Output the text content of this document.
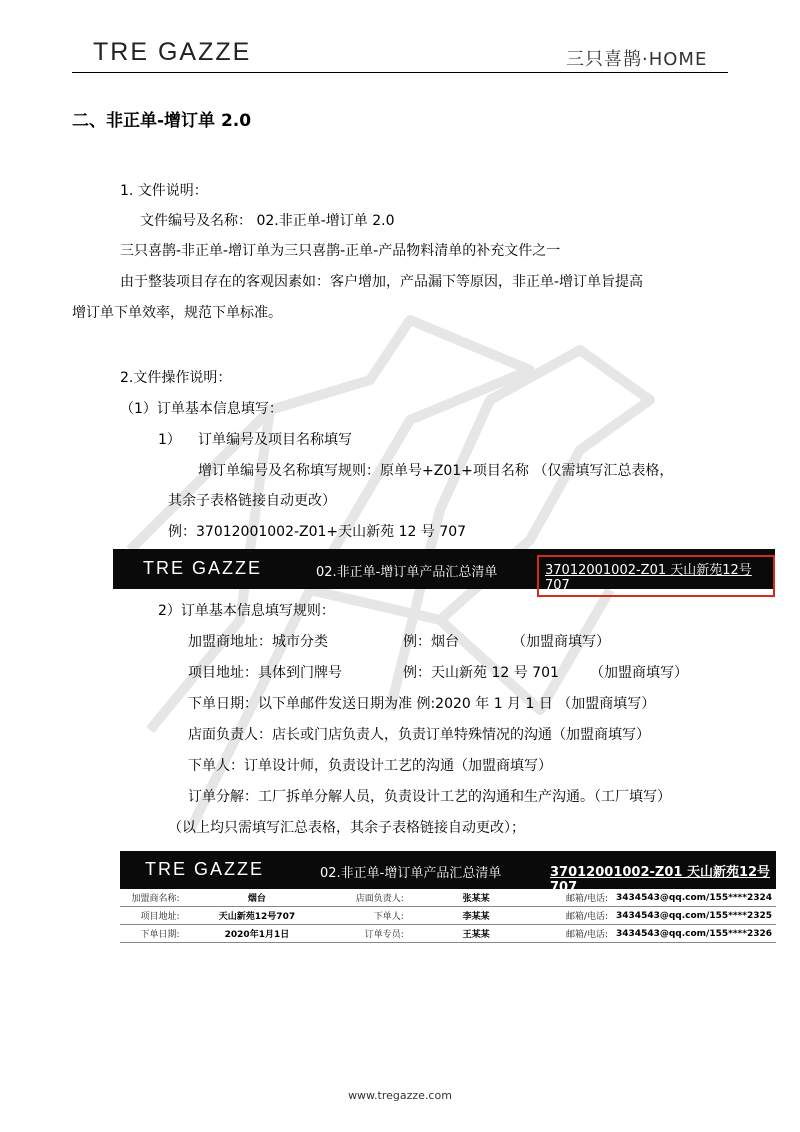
TRE GAZZE	三只喜鹊·HOME
二、非正单-增订单 2.0
1. 文件说明：
文件编号及名称： 02.非正单-增订单 2.0
三只喜鹊-非正单-增订单为三只喜鹊-正单-产品物料清单的补充文件之一
由于整装项目存在的客观因素如：客户增加，产品漏下等原因，非正单-增订单旨提高
增订单下单效率，规范下单标准。
2.文件操作说明：
（1）订单基本信息填写：
1） 订单编号及项目名称填写
增订单编号及名称填写规则：原单号+Z01+项目名称 （仅需填写汇总表格，
其余子表格链接自动更改）
例：37012001002-Z01+天山新苑 12 号 707
TRE GAZZE	02.非正单-增订单产品汇总清单	37012001002-Z01 天山新苑12号707
2）订单基本信息填写规则：
加盟商地址：城市分类	例：烟台	（加盟商填写）
项目地址：具体到门牌号	例：天山新苑 12 号 701 （加盟商填写）
下单日期：以下单邮件发送日期为准 例:2020 年 1 月 1 日 （加盟商填写）
店面负责人：店长或门店负责人，负责订单特殊情况的沟通（加盟商填写）
下单人：订单设计师，负责设计工艺的沟通（加盟商填写）
订单分解：工厂拆单分解人员，负责设计工艺的沟通和生产沟通。（工厂填写）
（以上均只需填写汇总表格，其余子表格链接自动更改）；
TRE GAZZE	02.非正单-增订单产品汇总清单	37012001002-Z01 天山新苑12号707
加盟商名称:	烟台	店面负责人:	张某某	邮箱/电话:	3434543@qq.com/155****2324
项目地址:	天山新苑12号707	下单人:	李某某	邮箱/电话:	3434543@qq.com/155****2325
下单日期:	2020年1月1日	订单专员:	王某某	邮箱/电话:	3434543@qq.com/155****2326
www.tregazze.com
